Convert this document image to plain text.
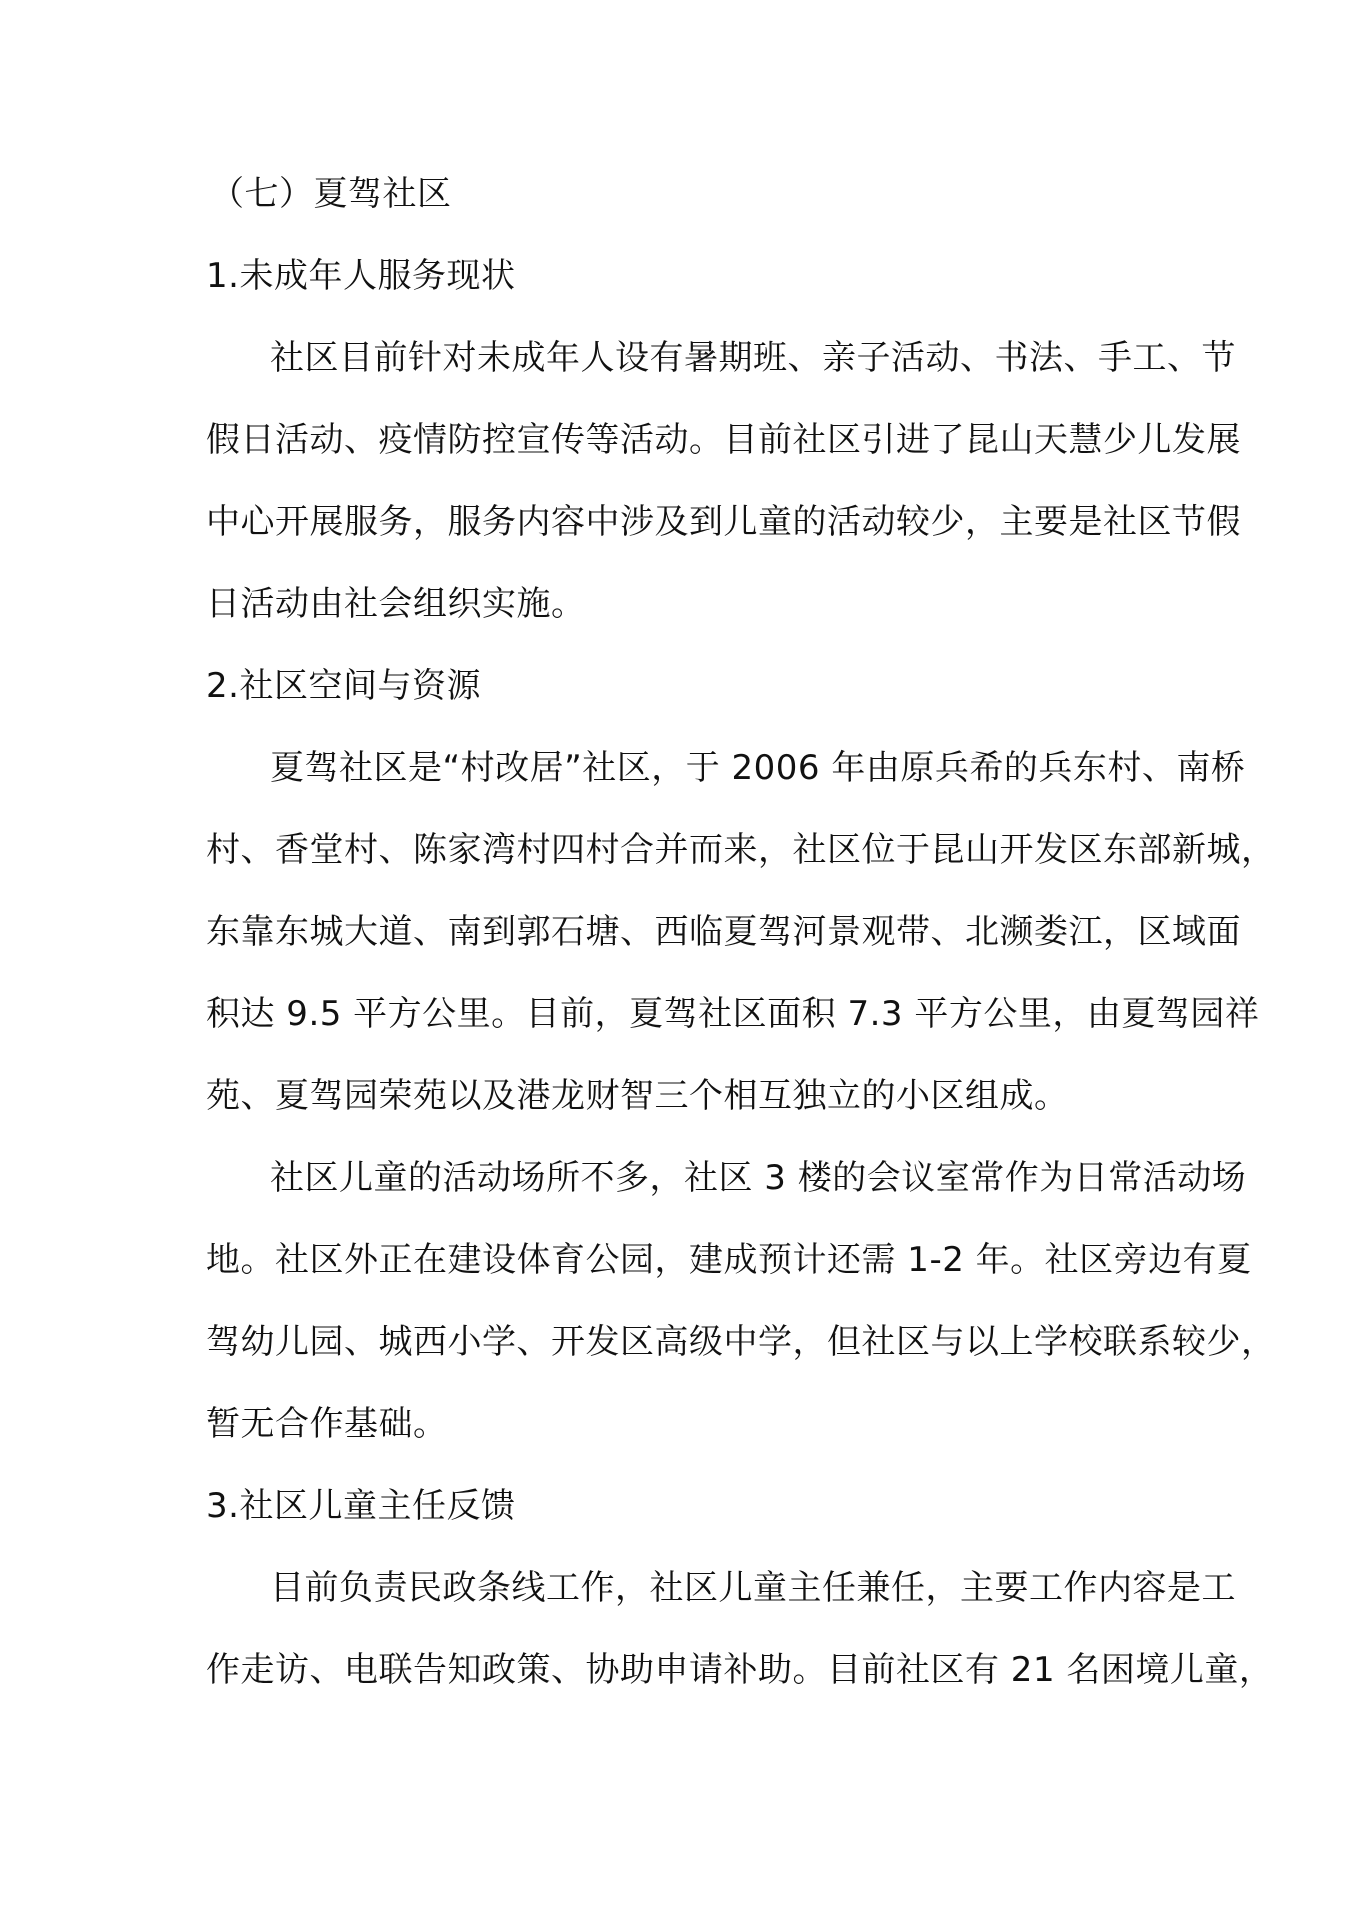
（七）夏驾社区
1.未成年人服务现状
社区目前针对未成年人设有暑期班、亲子活动、书法、手工、节
假日活动、疫情防控宣传等活动。目前社区引进了昆山天慧少儿发展
中心开展服务，服务内容中涉及到儿童的活动较少，主要是社区节假
日活动由社会组织实施。
2.社区空间与资源
夏驾社区是“村改居”社区，于 2006 年由原兵希的兵东村、南桥
村、香堂村、陈家湾村四村合并而来，社区位于昆山开发区东部新城，
东靠东城大道、南到郭石塘、西临夏驾河景观带、北濒娄江，区域面
积达 9.5 平方公里。目前，夏驾社区面积 7.3 平方公里，由夏驾园祥
苑、夏驾园荣苑以及港龙财智三个相互独立的小区组成。
社区儿童的活动场所不多，社区 3 楼的会议室常作为日常活动场
地。社区外正在建设体育公园，建成预计还需 1-2 年。社区旁边有夏
驾幼儿园、城西小学、开发区高级中学，但社区与以上学校联系较少，
暂无合作基础。
3.社区儿童主任反馈
目前负责民政条线工作，社区儿童主任兼任，主要工作内容是工
作走访、电联告知政策、协助申请补助。目前社区有 21 名困境儿童，
